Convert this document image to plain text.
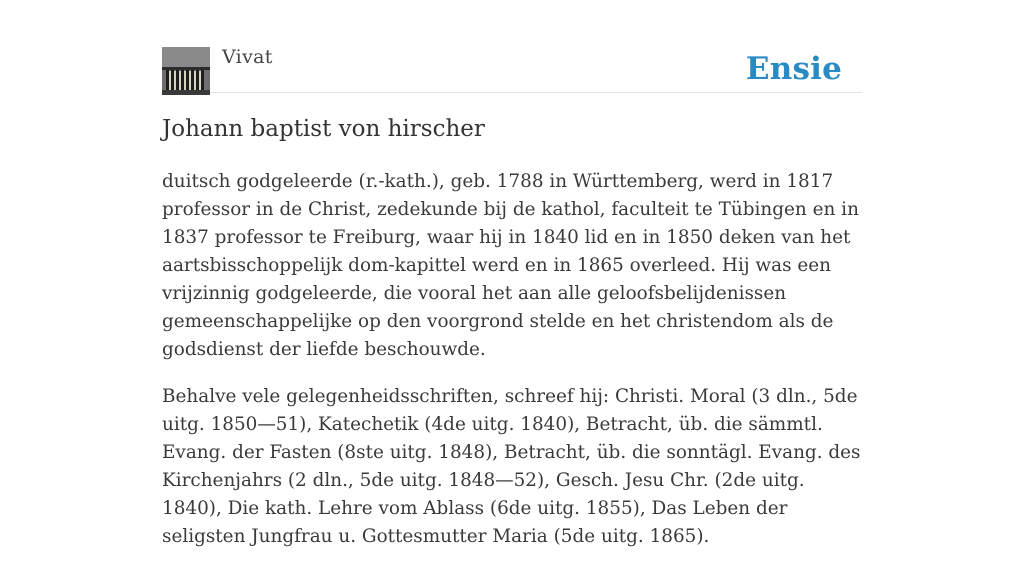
Vivat	Ensie
Johann baptist von hirscher

duitsch godgeleerde (r.-kath.), geb. 1788 in Württemberg, werd in 1817 professor in de Christ, zedekunde bij de kathol, faculteit te Tübingen en in 1837 professor te Freiburg, waar hij in 1840 lid en in 1850 deken van het aartsbisschoppelijk dom-kapittel werd en in 1865 overleed. Hij was een vrijzinnig godgeleerde, die vooral het aan alle geloofsbelijdenissen gemeenschappelijke op den voorgrond stelde en het christendom als de godsdienst der liefde beschouwde.

Behalve vele gelegenheidsschriften, schreef hij: Christi. Moral (3 dln., 5de uitg. 1850—51), Katechetik (4de uitg. 1840), Betracht, üb. die sämmtl. Evang. der Fasten (8ste uitg. 1848), Betracht, üb. die sonntägl. Evang. des Kirchenjahrs (2 dln., 5de uitg. 1848—52), Gesch. Jesu Chr. (2de uitg. 1840), Die kath. Lehre vom Ablass (6de uitg. 1855), Das Leben der seligsten Jungfrau u. Gottesmutter Maria (5de uitg. 1865).
